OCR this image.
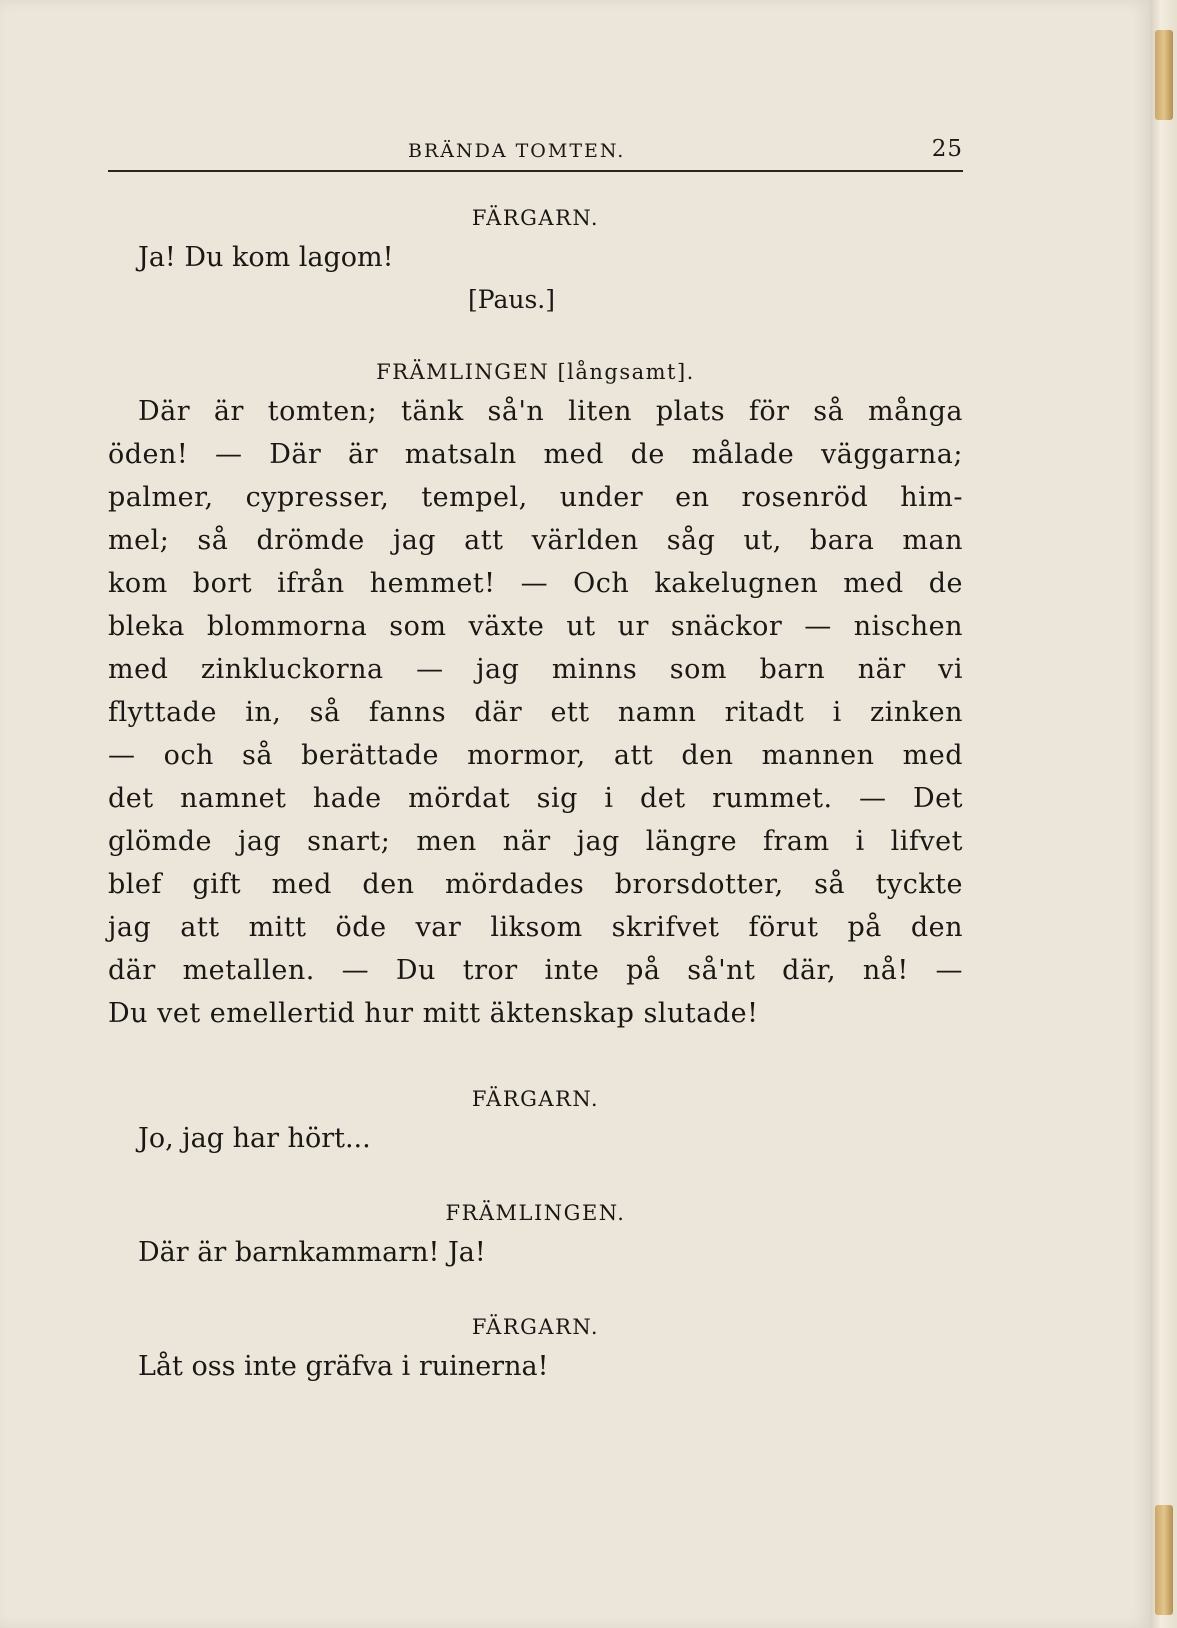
BRÄNDA TOMTEN.	25

FÄRGARN.

Ja! Du kom lagom!

[Paus.]

FRÄMLINGEN [långsamt].

Där är tomten; tänk så'n liten plats för så många
öden! — Där är matsaln med de målade väggarna;
palmer, cypresser, tempel, under en rosenröd him-
mel; så drömde jag att världen såg ut, bara man
kom bort ifrån hemmet! — Och kakelugnen med de
bleka blommorna som växte ut ur snäckor — nischen
med zinkluckorna — jag minns som barn när vi
flyttade in, så fanns där ett namn ritadt i zinken
— och så berättade mormor, att den mannen med
det namnet hade mördat sig i det rummet. — Det
glömde jag snart; men när jag längre fram i lifvet
blef gift med den mördades brorsdotter, så tyckte
jag att mitt öde var liksom skrifvet förut på den
där metallen. — Du tror inte på så'nt där, nå! —
Du vet emellertid hur mitt äktenskap slutade!

FÄRGARN.

Jo, jag har hört...

FRÄMLINGEN.

Där är barnkammarn! Ja!

FÄRGARN.

Låt oss inte gräfva i ruinerna!
